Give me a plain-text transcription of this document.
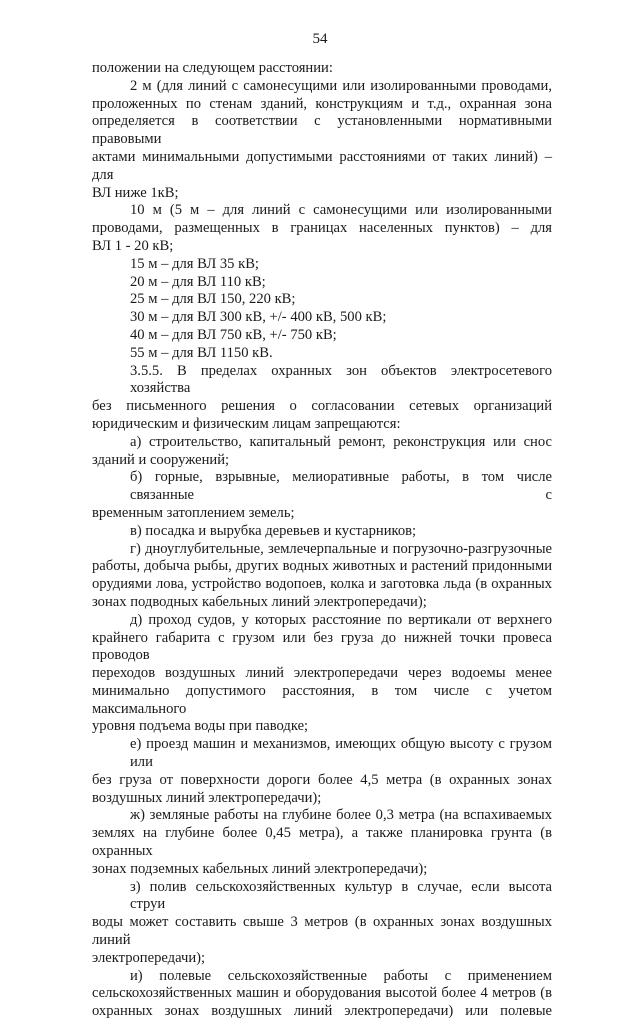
54
положении на следующем расстоянии:
2 м (для линий с самонесущими или изолированными проводами,
проложенных по стенам зданий, конструкциям и т.д., охранная зона
определяется в соответствии с установленными нормативными правовыми
актами минимальными допустимыми расстояниями от таких линий) – для
ВЛ ниже 1кВ;
10 м (5 м – для линий с самонесущими или изолированными
проводами, размещенных в границах населенных пунктов) – для
ВЛ 1 - 20 кВ;
15 м – для ВЛ 35 кВ;
20 м – для ВЛ 110 кВ;
25 м – для ВЛ 150, 220 кВ;
30 м – для ВЛ 300 кВ, +/- 400 кВ, 500 кВ;
40 м – для ВЛ 750 кВ, +/- 750 кВ;
55 м – для ВЛ 1150 кВ.
3.5.5. В пределах охранных зон объектов электросетевого хозяйства
без письменного решения о согласовании сетевых организаций
юридическим и физическим лицам запрещаются:
а) строительство, капитальный ремонт, реконструкция или снос
зданий и сооружений;
б) горные, взрывные, мелиоративные работы, в том числе связанные с
временным затоплением земель;
в) посадка и вырубка деревьев и кустарников;
г) дноуглубительные, землечерпальные и погрузочно-разгрузочные
работы, добыча рыбы, других водных животных и растений придонными
орудиями лова, устройство водопоев, колка и заготовка льда (в охранных
зонах подводных кабельных линий электропередачи);
д) проход судов, у которых расстояние по вертикали от верхнего
крайнего габарита с грузом или без груза до нижней точки провеса проводов
переходов воздушных линий электропередачи через водоемы менее
минимально допустимого расстояния, в том числе с учетом максимального
уровня подъема воды при паводке;
е) проезд машин и механизмов, имеющих общую высоту с грузом или
без груза от поверхности дороги более 4,5 метра (в охранных зонах
воздушных линий электропередачи);
ж) земляные работы на глубине более 0,3 метра (на вспахиваемых
землях на глубине более 0,45 метра), а также планировка грунта (в охранных
зонах подземных кабельных линий электропередачи);
з) полив сельскохозяйственных культур в случае, если высота струи
воды может составить свыше 3 метров (в охранных зонах воздушных линий
электропередачи);
и) полевые сельскохозяйственные работы с применением
сельскохозяйственных машин и оборудования высотой более 4 метров (в
охранных зонах воздушных линий электропередачи) или полевые
